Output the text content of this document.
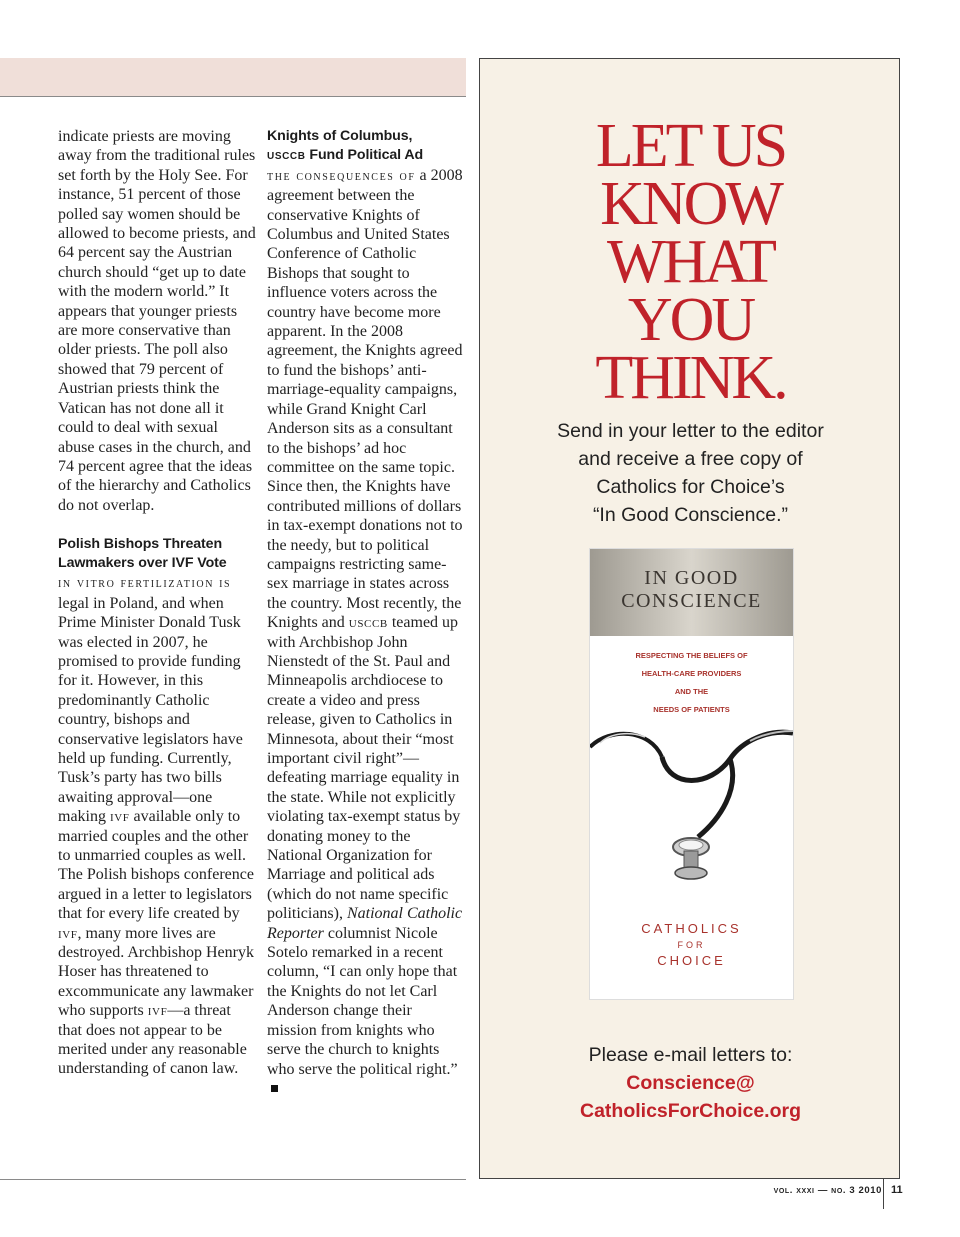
indicate priests are moving away from the traditional rules set forth by the Holy See. For instance, 51 percent of those polled say women should be allowed to become priests, and 64 percent say the Austrian church should “get up to date with the modern world.” It appears that younger priests are more conservative than older priests. The poll also showed that 79 percent of Austrian priests think the Vatican has not done all it could to deal with sexual abuse cases in the church, and 74 percent agree that the ideas of the hierarchy and Catholics do not overlap.

Polish Bishops Threaten Lawmakers over IVF Vote

in vitro fertilization is legal in Poland, and when Prime Minister Donald Tusk was elected in 2007, he promised to provide funding for it. However, in this predominantly Catholic country, bishops and conservative legislators have held up funding. Currently, Tusk’s party has two bills awaiting approval—one making ivf available only to married couples and the other to unmarried couples as well. The Polish bishops conference argued in a letter to legislators that for every life created by ivf, many more lives are destroyed. Archbishop Henryk Hoser has threatened to excommunicate any lawmaker who supports ivf—a threat that does not appear to be merited under any reasonable understanding of canon law.

Knights of Columbus,
usccb Fund Political Ad

the consequences of a 2008 agreement between the conservative Knights of Columbus and United States Conference of Catholic Bishops that sought to influence voters across the country have become more apparent. In the 2008 agreement, the Knights agreed to fund the bishops’ anti-marriage-equality campaigns, while Grand Knight Carl Anderson sits as a consultant to the bishops’ ad hoc committee on the same topic. Since then, the Knights have contributed millions of dollars in tax-exempt donations not to the needy, but to political campaigns restricting same-sex marriage in states across the country. Most recently, the Knights and usccb teamed up with Archbishop John Nienstedt of the St. Paul and Minneapolis archdiocese to create a video and press release, given to Catholics in Minnesota, about their “most important civil right”—defeating marriage equality in the state. While not explicitly violating tax-exempt status by donating money to the National Organization for Marriage and political ads (which do not name specific politicians), National Catholic Reporter columnist Nicole Sotelo remarked in a recent column, “I can only hope that the Knights do not let Carl Anderson change their mission from knights who serve the church to knights who serve the political right.”

LET US
KNOW
WHAT
YOU
THINK.
Send in your letter to the editor
and receive a free copy of
Catholics for Choice’s
“In Good Conscience.”
IN GOOD
CONSCIENCE
RESPECTING THE BELIEFS OF
HEALTH-CARE PROVIDERS
AND THE
NEEDS OF PATIENTS
CATHOLICS
FOR
CHOICE
Please e-mail letters to:
Conscience@
CatholicsForChoice.org
vol. xxxi — no. 3 2010 11
